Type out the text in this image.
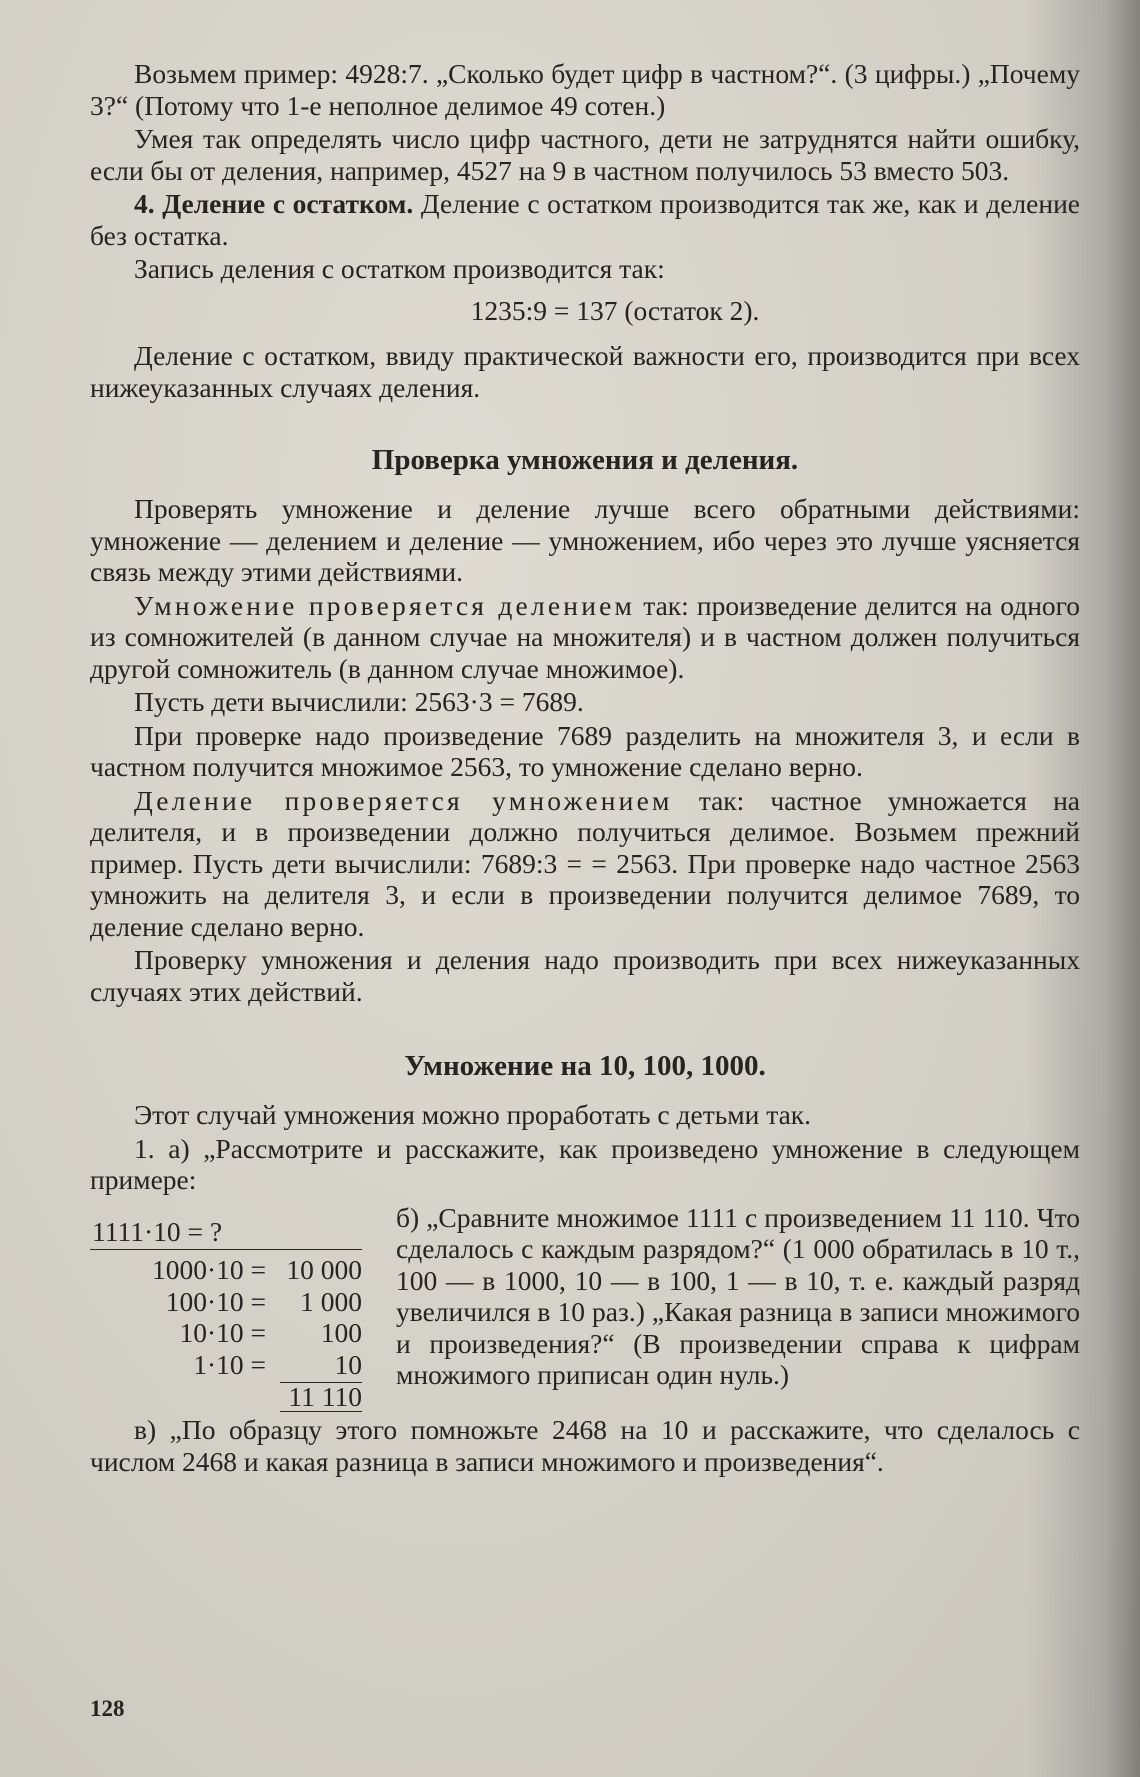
Возьмем пример: 4928:7. „Сколько будет цифр в частном?“. (3 цифры.) „Почему 3?“ (Потому что 1-е неполное делимое 49 сотен.)

Умея так определять число цифр частного, дети не затруднятся найти ошибку, если бы от деления, например, 4527 на 9 в частном получилось 53 вместо 503.

4. Деление с остатком. Деление с остатком производится так же, как и деление без остатка.

Запись деления с остатком производится так:

1235:9 = 137 (остаток 2).

Деление с остатком, ввиду практической важности его, производится при всех нижеуказанных случаях деления.

Проверка умножения и деления.

Проверять умножение и деление лучше всего обратными действиями: умножение — делением и деление — умножением, ибо через это лучше уясняется связь между этими действиями.

Умножение проверяется делением так: произведение делится на одного из сомножителей (в данном случае на множителя) и в частном должен получиться другой сомножитель (в данном случае множимое).

Пусть дети вычислили: 2563·3 = 7689.

При проверке надо произведение 7689 разделить на множителя 3, и если в частном получится множимое 2563, то умножение сделано верно.

Деление проверяется умножением так: частное умножается на делителя, и в произведении должно получиться делимое. Возьмем прежний пример. Пусть дети вычислили: 7689:3 = = 2563. При проверке надо частное 2563 умножить на делителя 3, и если в произведении получится делимое 7689, то деление сделано верно.

Проверку умножения и деления надо производить при всех нижеуказанных случаях этих действий.

Умножение на 10, 100, 1000.

Этот случай умножения можно проработать с детьми так.

1. а) „Рассмотрите и расскажите, как произведено умножение в следующем примере:

1111·10 = ?
1000·10 = 10 000
100·10 =	1 000
10·10 =	100
1·10 =	10
11 110

б) „Сравните множимое 1111 с произведением 11 110. Что сделалось с каждым разрядом?“ (1 000 обратилась в 10 т., 100 — в 1000, 10 — в 100, 1 — в 10, т. е. каждый разряд увеличился в 10 раз.) „Какая разница в записи множимого и произведения?“ (В произведении справа к цифрам множимого приписан один нуль.)

в) „По образцу этого помножьте 2468 на 10 и расскажите, что сделалось с числом 2468 и какая разница в записи множимого и произведения“.

128
